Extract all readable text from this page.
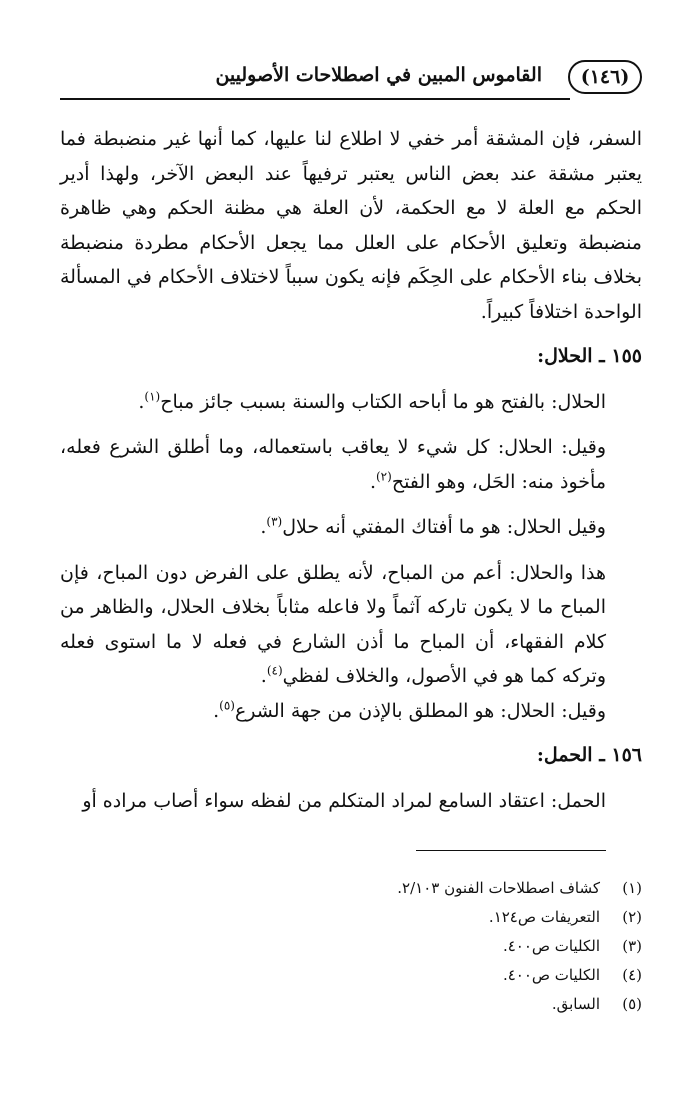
(١٤٦)
القاموس المبين في اصطلاحات الأصوليين

السفر، فإن المشقة أمر خفي لا اطلاع لنا عليها، كما أنها غير منضبطة فما يعتبر مشقة عند بعض الناس يعتبر ترفيهاً عند البعض الآخر، ولهذا أدير الحكم مع العلة لا مع الحكمة، لأن العلة هي مظنة الحكم وهي ظاهرة منضبطة وتعليق الأحكام على العلل مما يجعل الأحكام مطردة منضبطة بخلاف بناء الأحكام على الحِكَم فإنه يكون سبباً لاختلاف الأحكام في المسألة الواحدة اختلافاً كبيراً.

١٥٥ ـ الحلال:

الحلال: بالفتح هو ما أباحه الكتاب والسنة بسبب جائز مباح$^{(١)}$.

وقيل: الحلال: كل شيء لا يعاقب باستعماله، وما أطلق الشرع فعله، مأخوذ منه: الحَل، وهو الفتح$^{(٢)}$.

وقيل الحلال: هو ما أفتاك المفتي أنه حلال$^{(٣)}$.

هذا والحلال: أعم من المباح، لأنه يطلق على الفرض دون المباح، فإن المباح ما لا يكون تاركه آثماً ولا فاعله مثاباً بخلاف الحلال، والظاهر من كلام الفقهاء، أن المباح ما أذن الشارع في فعله لا ما استوى فعله وتركه كما هو في الأصول، والخلاف لفظي$^{(٤)}$.

وقيل: الحلال: هو المطلق بالإذن من جهة الشرع$^{(٥)}$.

١٥٦ ـ الحمل:

الحمل: اعتقاد السامع لمراد المتكلم من لفظه سواء أصاب مراده أو

(١)
كشاف اصطلاحات الفنون ٢/١٠٣.
(٢)
التعريفات ص١٢٤.
(٣)
الكليات ص٤٠٠.
(٤)
الكليات ص٤٠٠.
(٥)
السابق.
